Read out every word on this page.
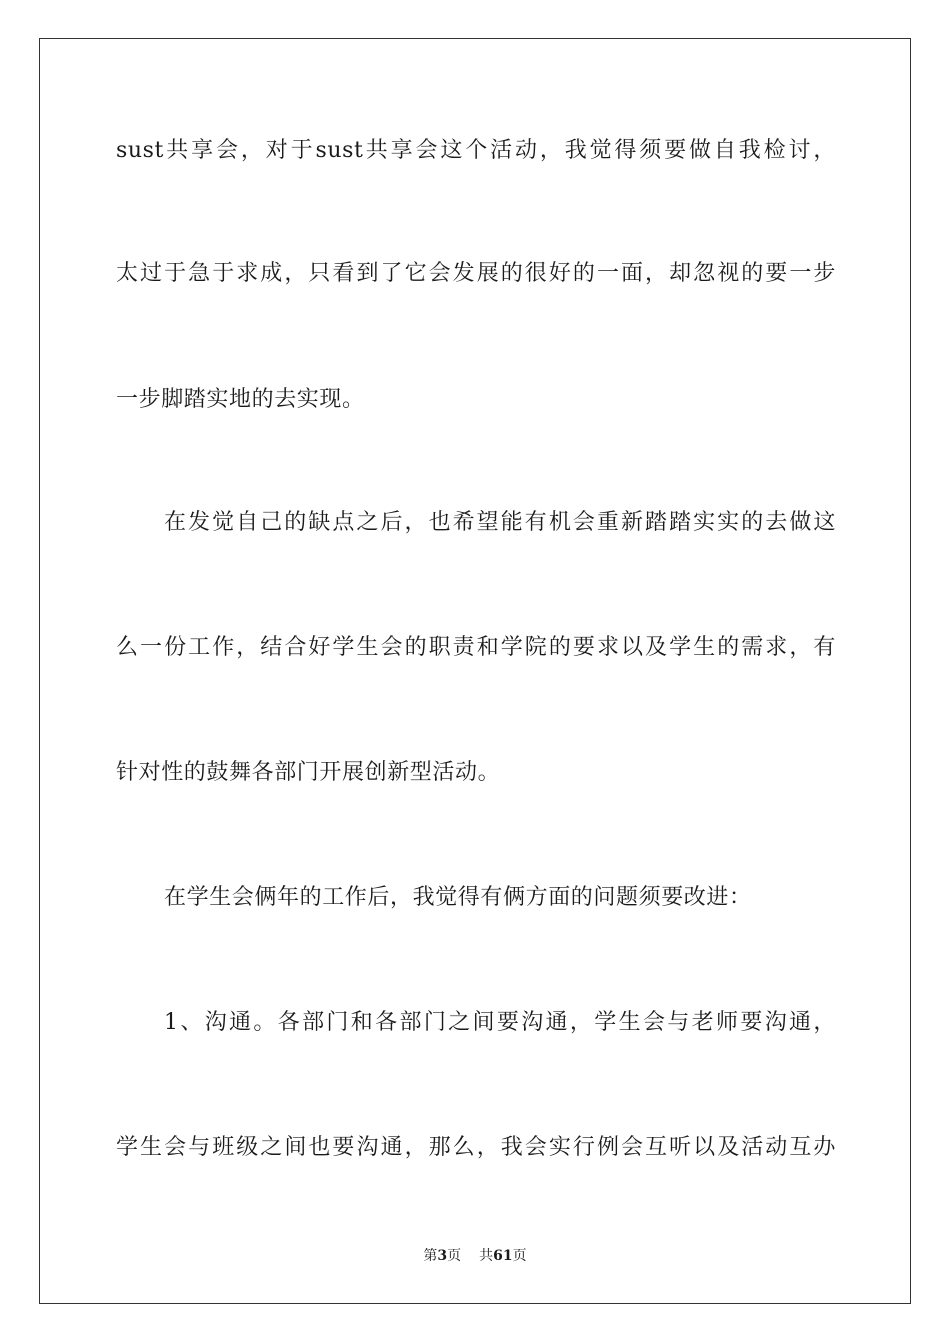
sust共享会，对于sust共享会这个活动，我觉得须要做自我检讨，
太过于急于求成，只看到了它会发展的很好的一面，却忽视的要一步
一步脚踏实地的去实现。
在发觉自己的缺点之后，也希望能有机会重新踏踏实实的去做这
么一份工作，结合好学生会的职责和学院的要求以及学生的需求，有
针对性的鼓舞各部门开展创新型活动。
在学生会俩年的工作后，我觉得有俩方面的问题须要改进：
1、沟通。各部门和各部门之间要沟通，学生会与老师要沟通，
学生会与班级之间也要沟通，那么，我会实行例会互听以及活动互办
第3页 共61页
